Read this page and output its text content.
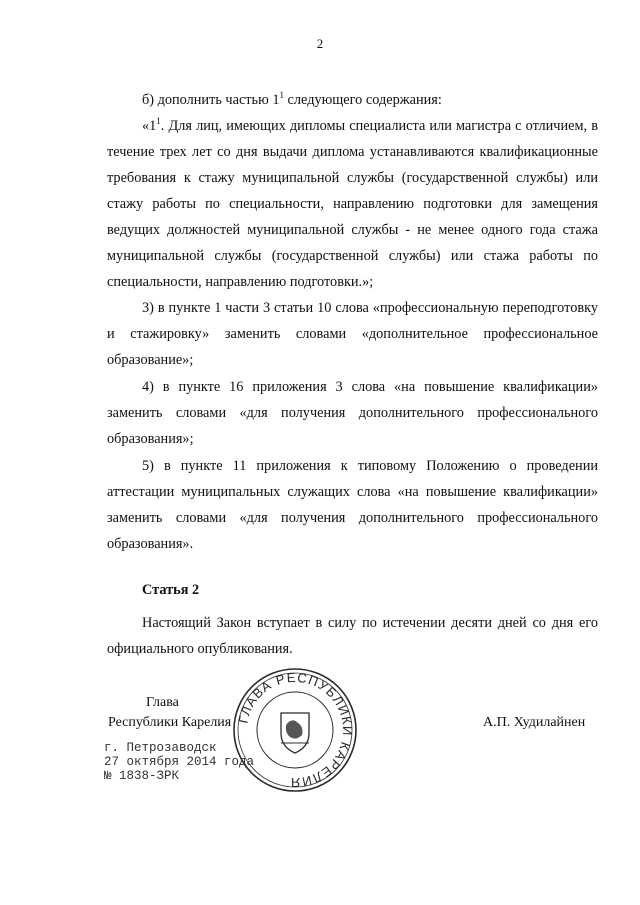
2
б) дополнить частью $1^1$ следующего содержания:
«$1^1$. Для лиц, имеющих дипломы специалиста или магистра с отличием, в течение трех лет со дня выдачи диплома устанавливаются квалификационные требования к стажу муниципальной службы (государственной службы) или стажу работы по специальности, направлению подготовки для замещения ведущих должностей муниципальной службы - не менее одного года стажа муниципальной службы (государственной службы) или стажа работы по специальности, направлению подготовки.»;
3) в пункте 1 части 3 статьи 10 слова «профессиональную переподготовку и стажировку» заменить словами «дополнительное профессиональное образование»;
4) в пункте 16 приложения 3 слова «на повышение квалификации» заменить словами «для получения дополнительного профессионального образования»;
5) в пункте 11 приложения к типовому Положению о проведении аттестации муниципальных служащих слова «на повышение квалификации» заменить словами «для получения дополнительного профессионального образования».
Статья 2
Настоящий Закон вступает в силу по истечении десяти дней со дня его официального опубликования.
Глава
Республики Карелия ГЛАВА РЕСПУБЛИКИ КАРЕЛИЯ
А.П. Худилайнен
г. Петрозаводск
27 октября 2014 года
№ 1838-ЗРК
